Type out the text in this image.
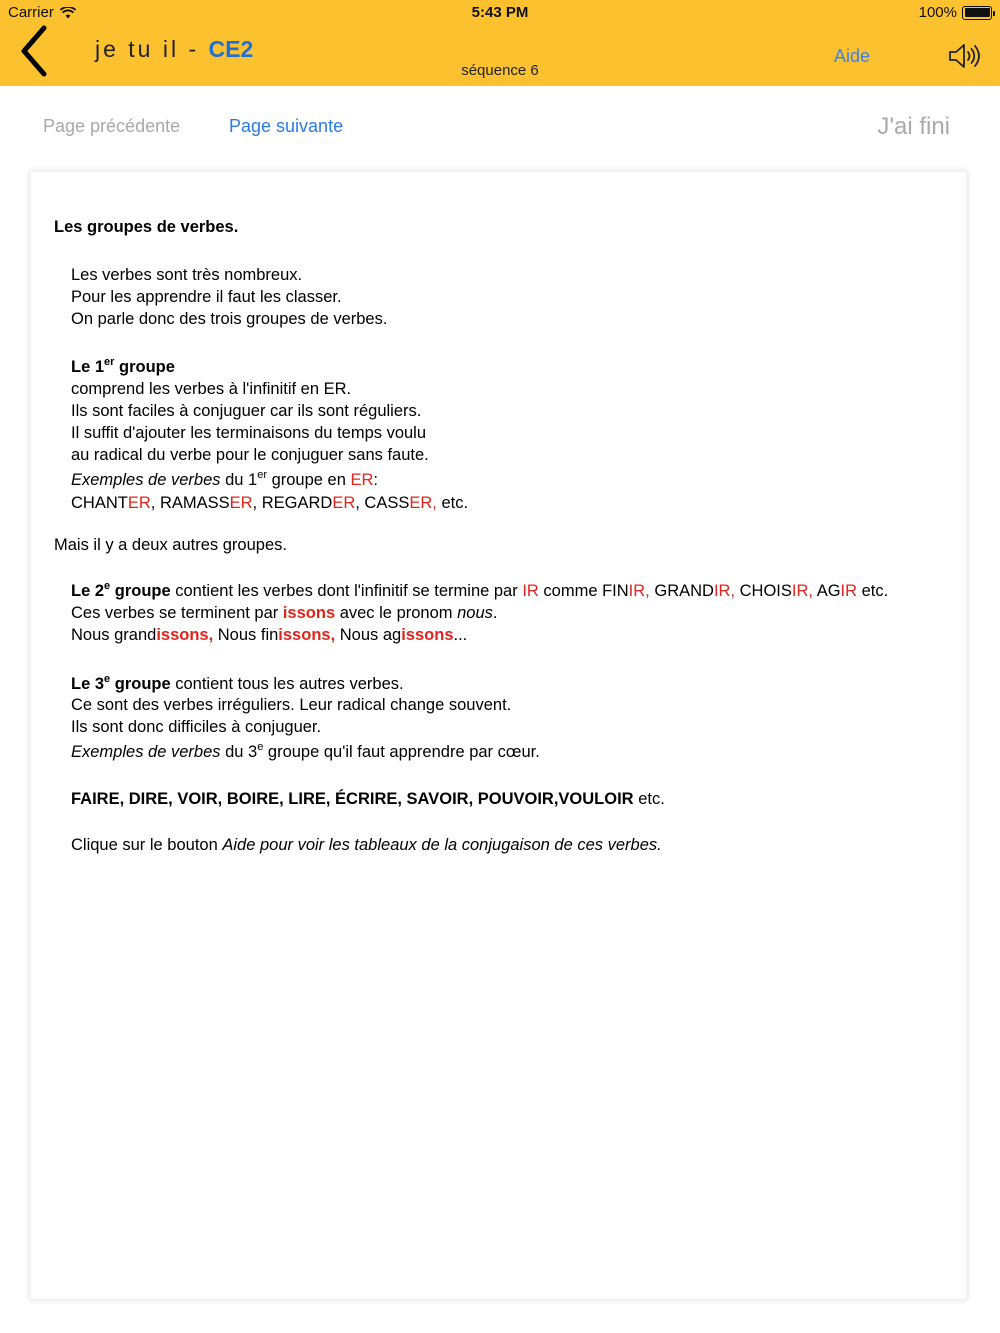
Carrier	5:43 PM	100%
je tu il - CE2
séquence 6
Aide
Page précédente	Page suivante	J'ai fini
Les groupes de verbes.
Les verbes sont très nombreux.
Pour les apprendre il faut les classer.
On parle donc des trois groupes de verbes.
Le 1er groupe
comprend les verbes à l'infinitif en ER.
Ils sont faciles à conjuguer car ils sont réguliers.
Il suffit d'ajouter les terminaisons du temps voulu
au radical du verbe pour le conjuguer sans faute.
Exemples de verbes du 1er groupe en ER:
CHANTER, RAMASSER, REGARDER, CASSER, etc.
Mais il y a deux autres groupes.
Le 2e groupe contient les verbes dont l'infinitif se termine par IR comme FINIR, GRANDIR, CHOISIR, AGIR etc.
Ces verbes se terminent par issons avec le pronom nous.
Nous grandissons, Nous finissons, Nous agissons...
Le 3e groupe contient tous les autres verbes.
Ce sont des verbes irréguliers. Leur radical change souvent.
Ils sont donc difficiles à conjuguer.
Exemples de verbes du 3e groupe qu'il faut apprendre par cœur.
FAIRE, DIRE, VOIR, BOIRE, LIRE, ÉCRIRE, SAVOIR, POUVOIR,VOULOIR etc.
Clique sur le bouton Aide pour voir les tableaux de la conjugaison de ces verbes.
